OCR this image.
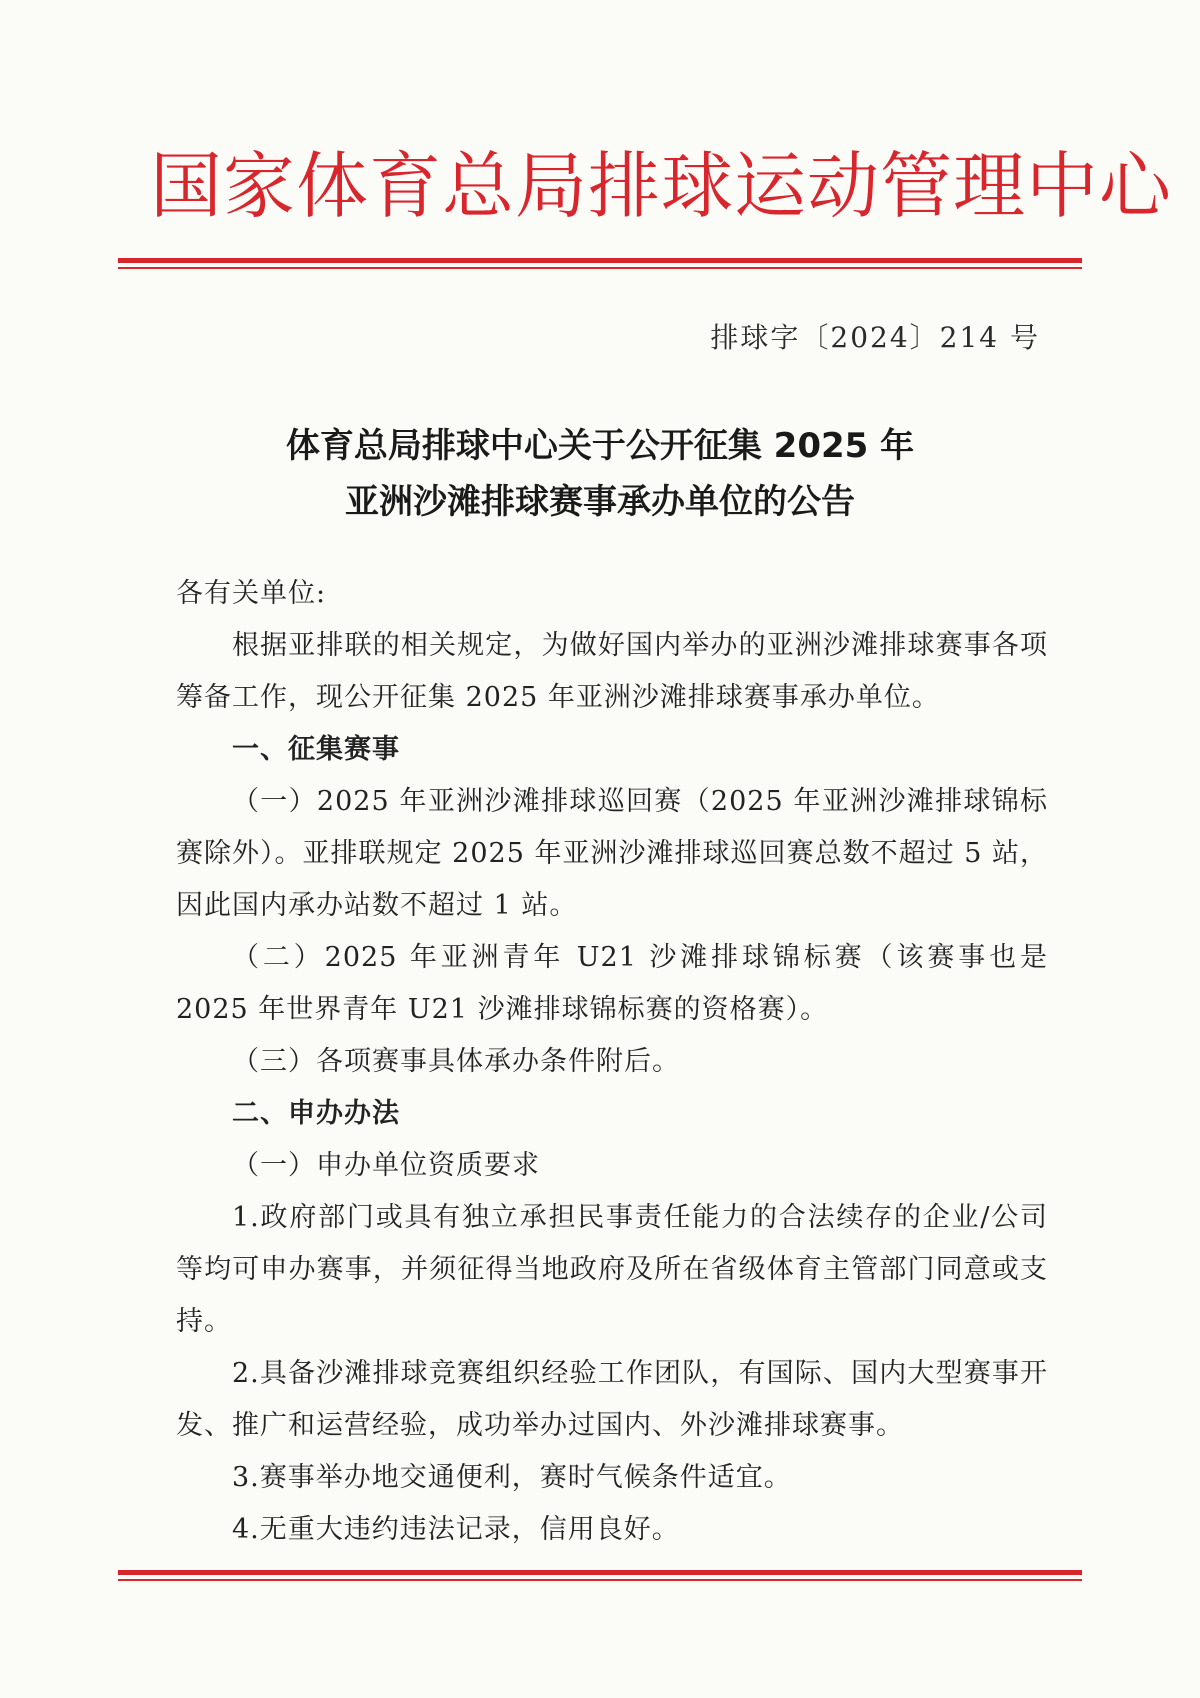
国家体育总局排球运动管理中心
排球字〔2024〕214 号
体育总局排球中心关于公开征集 2025 年
亚洲沙滩排球赛事承办单位的公告

各有关单位:

根据亚排联的相关规定，为做好国内举办的亚洲沙滩排球赛事各项筹备工作，现公开征集 2025 年亚洲沙滩排球赛事承办单位。

一、征集赛事

（一）2025 年亚洲沙滩排球巡回赛（2025 年亚洲沙滩排球锦标赛除外）。亚排联规定 2025 年亚洲沙滩排球巡回赛总数不超过 5 站，因此国内承办站数不超过 1 站。

（二）2025 年亚洲青年 U21 沙滩排球锦标赛（该赛事也是 2025 年世界青年 U21 沙滩排球锦标赛的资格赛）。

（三）各项赛事具体承办条件附后。

二、申办办法

（一）申办单位资质要求

1.政府部门或具有独立承担民事责任能力的合法续存的企业/公司等均可申办赛事，并须征得当地政府及所在省级体育主管部门同意或支持。

2.具备沙滩排球竞赛组织经验工作团队，有国际、国内大型赛事开发、推广和运营经验，成功举办过国内、外沙滩排球赛事。

3.赛事举办地交通便利，赛时气候条件适宜。

4.无重大违约违法记录，信用良好。
